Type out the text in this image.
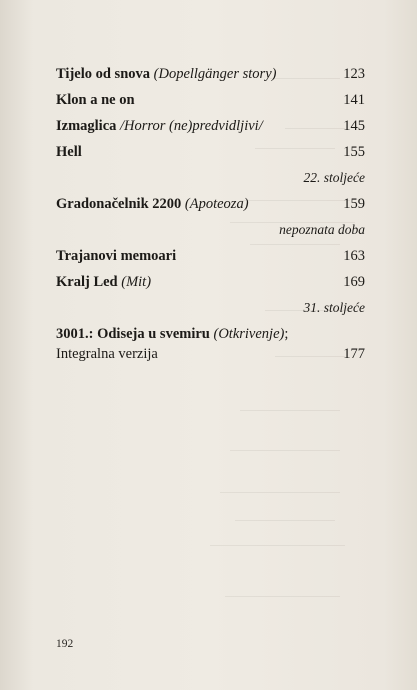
Tijelo od snova (Dopellgänger story)	123
Klon a ne on	141
Izmaglica /Horror (ne)predvidljivi/	145
Hell	155
22. stoljeće
Gradonačelnik 2200 (Apoteoza)	159
nepoznata doba
Trajanovi memoari	163
Kralj Led (Mit)	169
31. stoljeće
3001.: Odiseja u svemiru (Otkrivenje);
Integralna verzija	177
192
